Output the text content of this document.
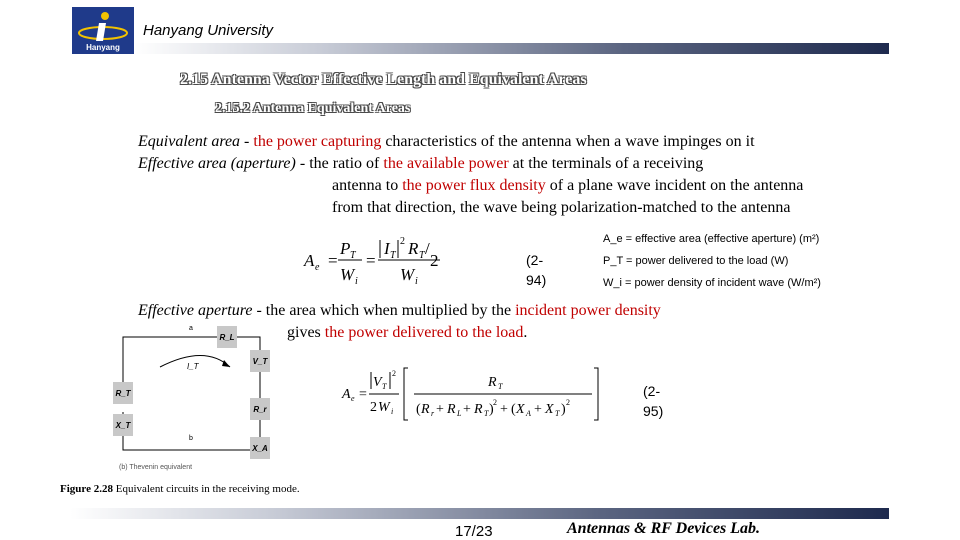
Hanyang
Hanyang University
2.15 Antenna Vector Effective Length and Equivalent Areas
2.15.2 Antenna Equivalent Areas
Equivalent area - the power capturing characteristics of the antenna when a wave impinges on it
Effective area (aperture) - the ratio of the available power at the terminals of a receiving
antenna to the power flux density of a plane wave incident on the antenna
from that direction, the wave being polarization-matched to the antenna
A e =
P T
W i
=
I T
2 R T /
2
W i
(2-
94)
A_e = effective area (effective aperture) (m²)
P_T = power delivered to the load (W)
W_i = power density of incident wave (W/m²)
Effective aperture - the area which when multiplied by the incident power density
gives the power delivered to the load.
R_L
V_T
I_T
R_T
R_r
X_T
X_A
a
b
(b) Thevenin equivalent
A e =
V T
2
2 W i
R T
( R r + R L + R T ) 2 + ( X A + X T ) 2
(2-
95)
Figure 2.28 Equivalent circuits in the receiving mode.
17/23	Antennas & RF Devices Lab.
